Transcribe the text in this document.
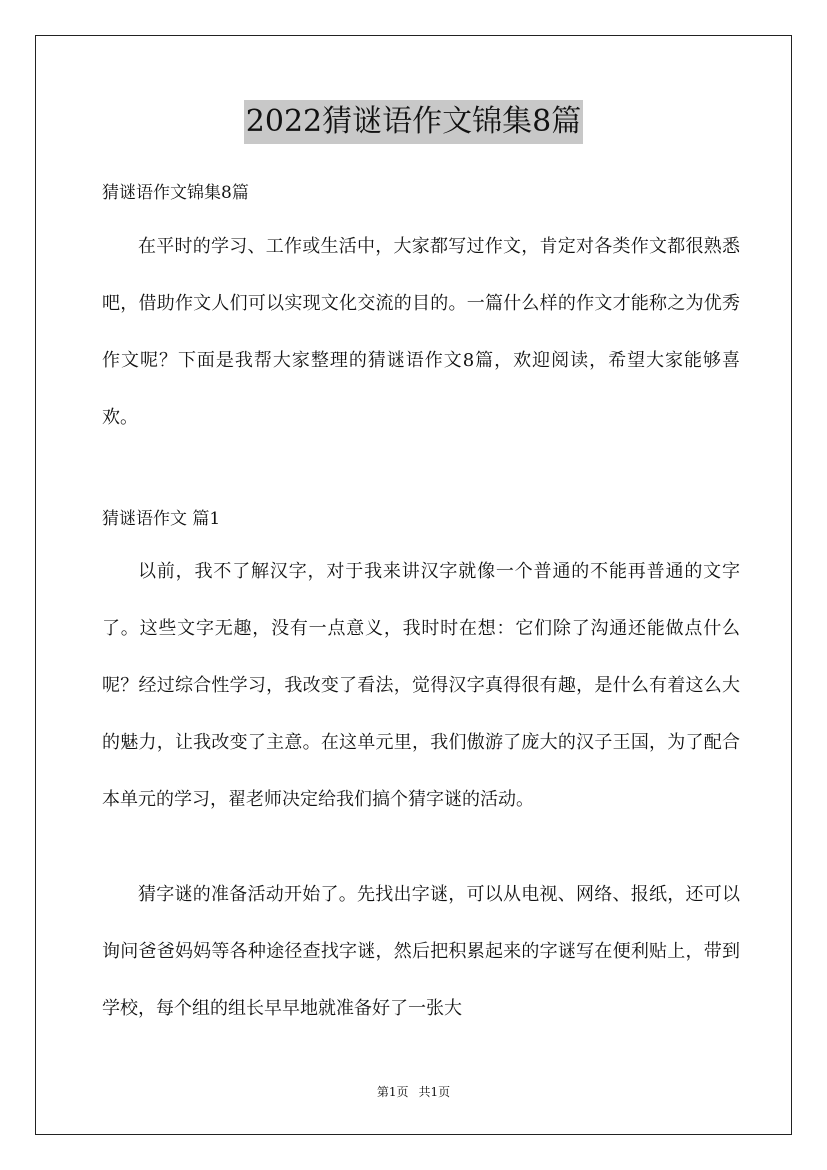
2022猜谜语作文锦集8篇
猜谜语作文锦集8篇

在平时的学习、工作或生活中，大家都写过作文，肯定对各类作文都很熟悉吧，借助作文人们可以实现文化交流的目的。一篇什么样的作文才能称之为优秀作文呢？下面是我帮大家整理的猜谜语作文8篇，欢迎阅读，希望大家能够喜欢。

猜谜语作文 篇1

以前，我不了解汉字，对于我来讲汉字就像一个普通的不能再普通的文字了。这些文字无趣，没有一点意义，我时时在想：它们除了沟通还能做点什么呢？经过综合性学习，我改变了看法，觉得汉字真得很有趣，是什么有着这么大的魅力，让我改变了主意。在这单元里，我们傲游了庞大的汉子王国，为了配合本单元的学习，翟老师决定给我们搞个猜字谜的活动。

猜字谜的准备活动开始了。先找出字谜，可以从电视、网络、报纸，还可以询问爸爸妈妈等各种途径查找字谜，然后把积累起来的字谜写在便利贴上，带到学校，每个组的组长早早地就准备好了一张大

第1页 共1页
